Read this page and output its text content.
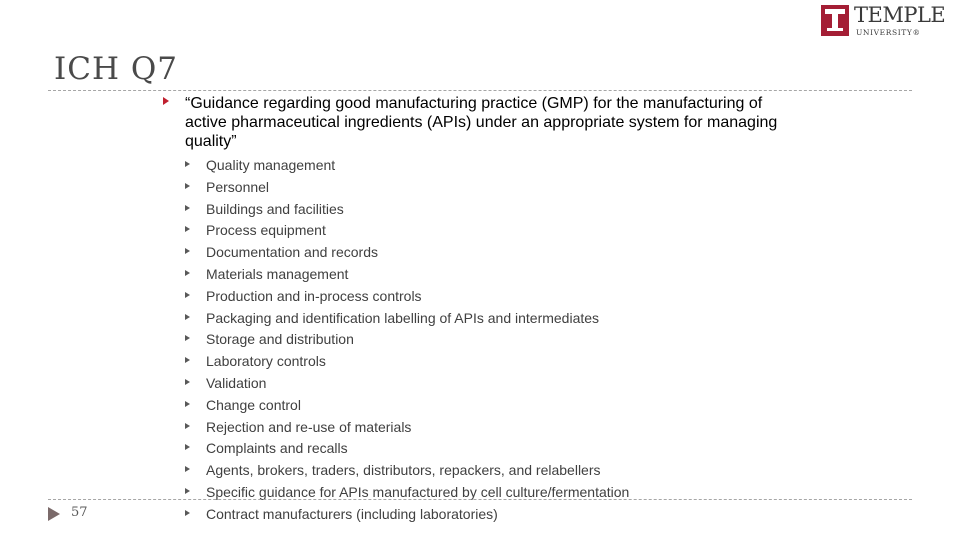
TEMPLE
UNIVERSITY®
ICH Q7
“Guidance regarding good manufacturing practice (GMP) for the manufacturing of active pharmaceutical ingredients (APIs) under an appropriate system for managing quality”
Quality management
Personnel
Buildings and facilities
Process equipment
Documentation and records
Materials management
Production and in-process controls
Packaging and identification labelling of APIs and intermediates
Storage and distribution
Laboratory controls
Validation
Change control
Rejection and re-use of materials
Complaints and recalls
Agents, brokers, traders, distributors, repackers, and relabellers
Specific guidance for APIs manufactured by cell culture/fermentation
Contract manufacturers (including laboratories)
57
